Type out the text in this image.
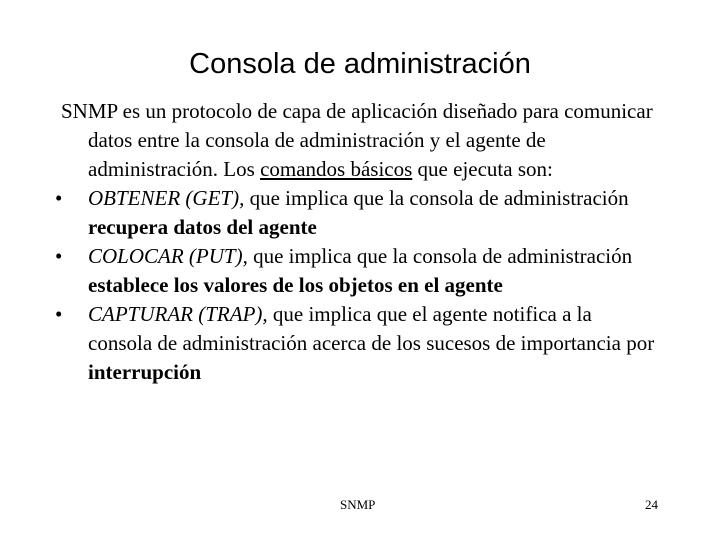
Consola de administración

SNMP es un protocolo de capa de aplicación diseñado para comunicar datos entre la consola de administración y el agente de administración. Los comandos básicos que ejecuta son:

• OBTENER (GET), que implica que la consola de administración recupera datos del agente

• COLOCAR (PUT), que implica que la consola de administración establece los valores de los objetos en el agente

• CAPTURAR (TRAP), que implica que el agente notifica a la consola de administración acerca de los sucesos de importancia por interrupción

SNMP	24
